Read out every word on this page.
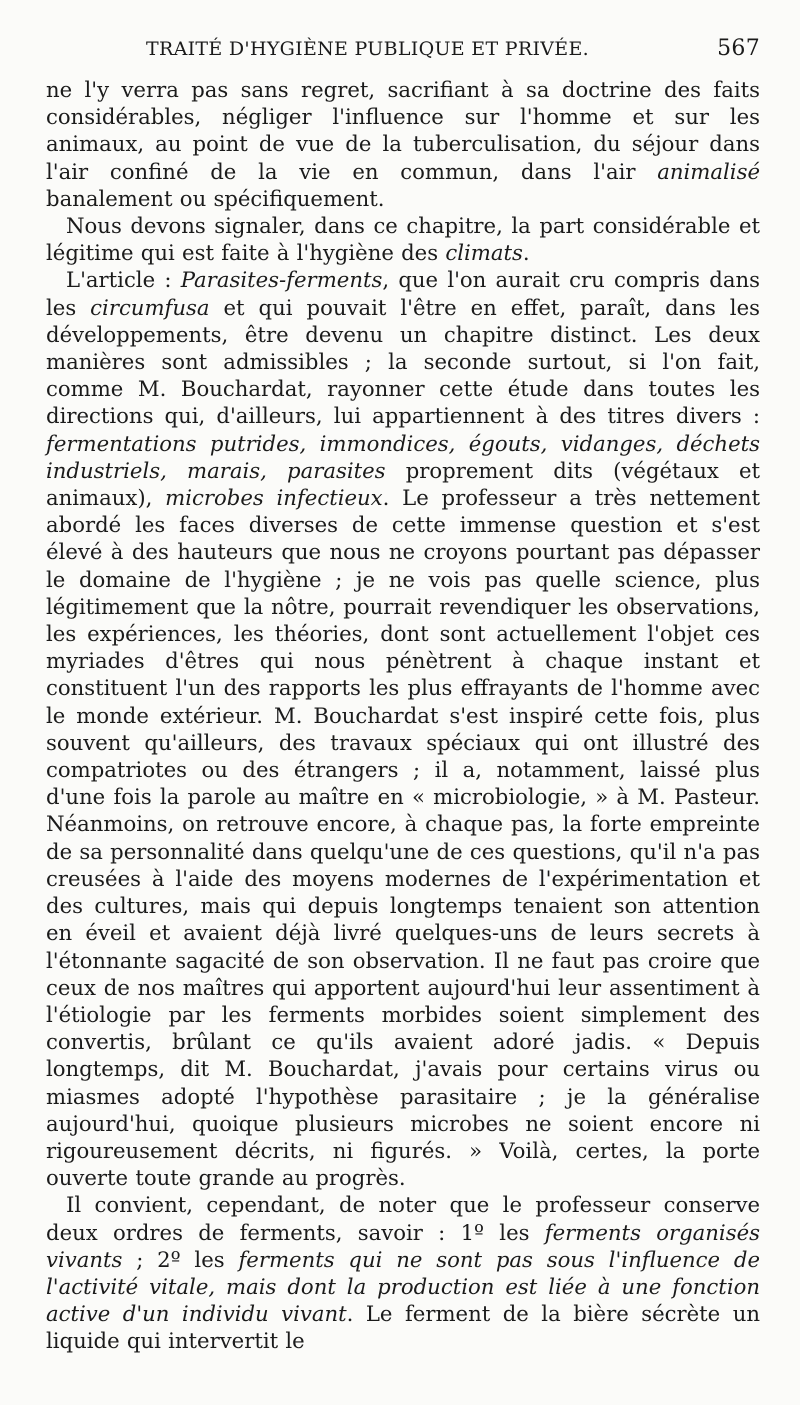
TRAITÉ D'HYGIÈNE PUBLIQUE ET PRIVÉE.	567

ne l'y verra pas sans regret, sacrifiant à sa doctrine des faits considérables, négliger l'influence sur l'homme et sur les animaux, au point de vue de la tuberculisation, du séjour dans l'air confiné de la vie en commun, dans l'air animalisé banalement ou spécifiquement.

Nous devons signaler, dans ce chapitre, la part considérable et légitime qui est faite à l'hygiène des climats.

L'article : Parasites-ferments, que l'on aurait cru compris dans les circumfusa et qui pouvait l'être en effet, paraît, dans les développements, être devenu un chapitre distinct. Les deux manières sont admissibles ; la seconde surtout, si l'on fait, comme M. Bouchardat, rayonner cette étude dans toutes les directions qui, d'ailleurs, lui appartiennent à des titres divers : fermentations putrides, immondices, égouts, vidanges, déchets industriels, marais, parasites proprement dits (végétaux et animaux), microbes infectieux. Le professeur a très nettement abordé les faces diverses de cette immense question et s'est élevé à des hauteurs que nous ne croyons pourtant pas dépasser le domaine de l'hygiène ; je ne vois pas quelle science, plus légitimement que la nôtre, pourrait revendiquer les observations, les expériences, les théories, dont sont actuellement l'objet ces myriades d'êtres qui nous pénètrent à chaque instant et constituent l'un des rapports les plus effrayants de l'homme avec le monde extérieur. M. Bouchardat s'est inspiré cette fois, plus souvent qu'ailleurs, des travaux spéciaux qui ont illustré des compatriotes ou des étrangers ; il a, notamment, laissé plus d'une fois la parole au maître en « microbiologie, » à M. Pasteur. Néanmoins, on retrouve encore, à chaque pas, la forte empreinte de sa personnalité dans quelqu'une de ces questions, qu'il n'a pas creusées à l'aide des moyens modernes de l'expérimentation et des cultures, mais qui depuis longtemps tenaient son attention en éveil et avaient déjà livré quelques-uns de leurs secrets à l'étonnante sagacité de son observation. Il ne faut pas croire que ceux de nos maîtres qui apportent aujourd'hui leur assentiment à l'étiologie par les ferments morbides soient simplement des convertis, brûlant ce qu'ils avaient adoré jadis. « Depuis longtemps, dit M. Bouchardat, j'avais pour certains virus ou miasmes adopté l'hypothèse parasitaire ; je la généralise aujourd'hui, quoique plusieurs microbes ne soient encore ni rigoureusement décrits, ni figurés. » Voilà, certes, la porte ouverte toute grande au progrès.

Il convient, cependant, de noter que le professeur conserve deux ordres de ferments, savoir : 1º les ferments organisés vivants ; 2º les ferments qui ne sont pas sous l'influence de l'activité vitale, mais dont la production est liée à une fonction active d'un individu vivant. Le ferment de la bière sécrète un liquide qui intervertit le
